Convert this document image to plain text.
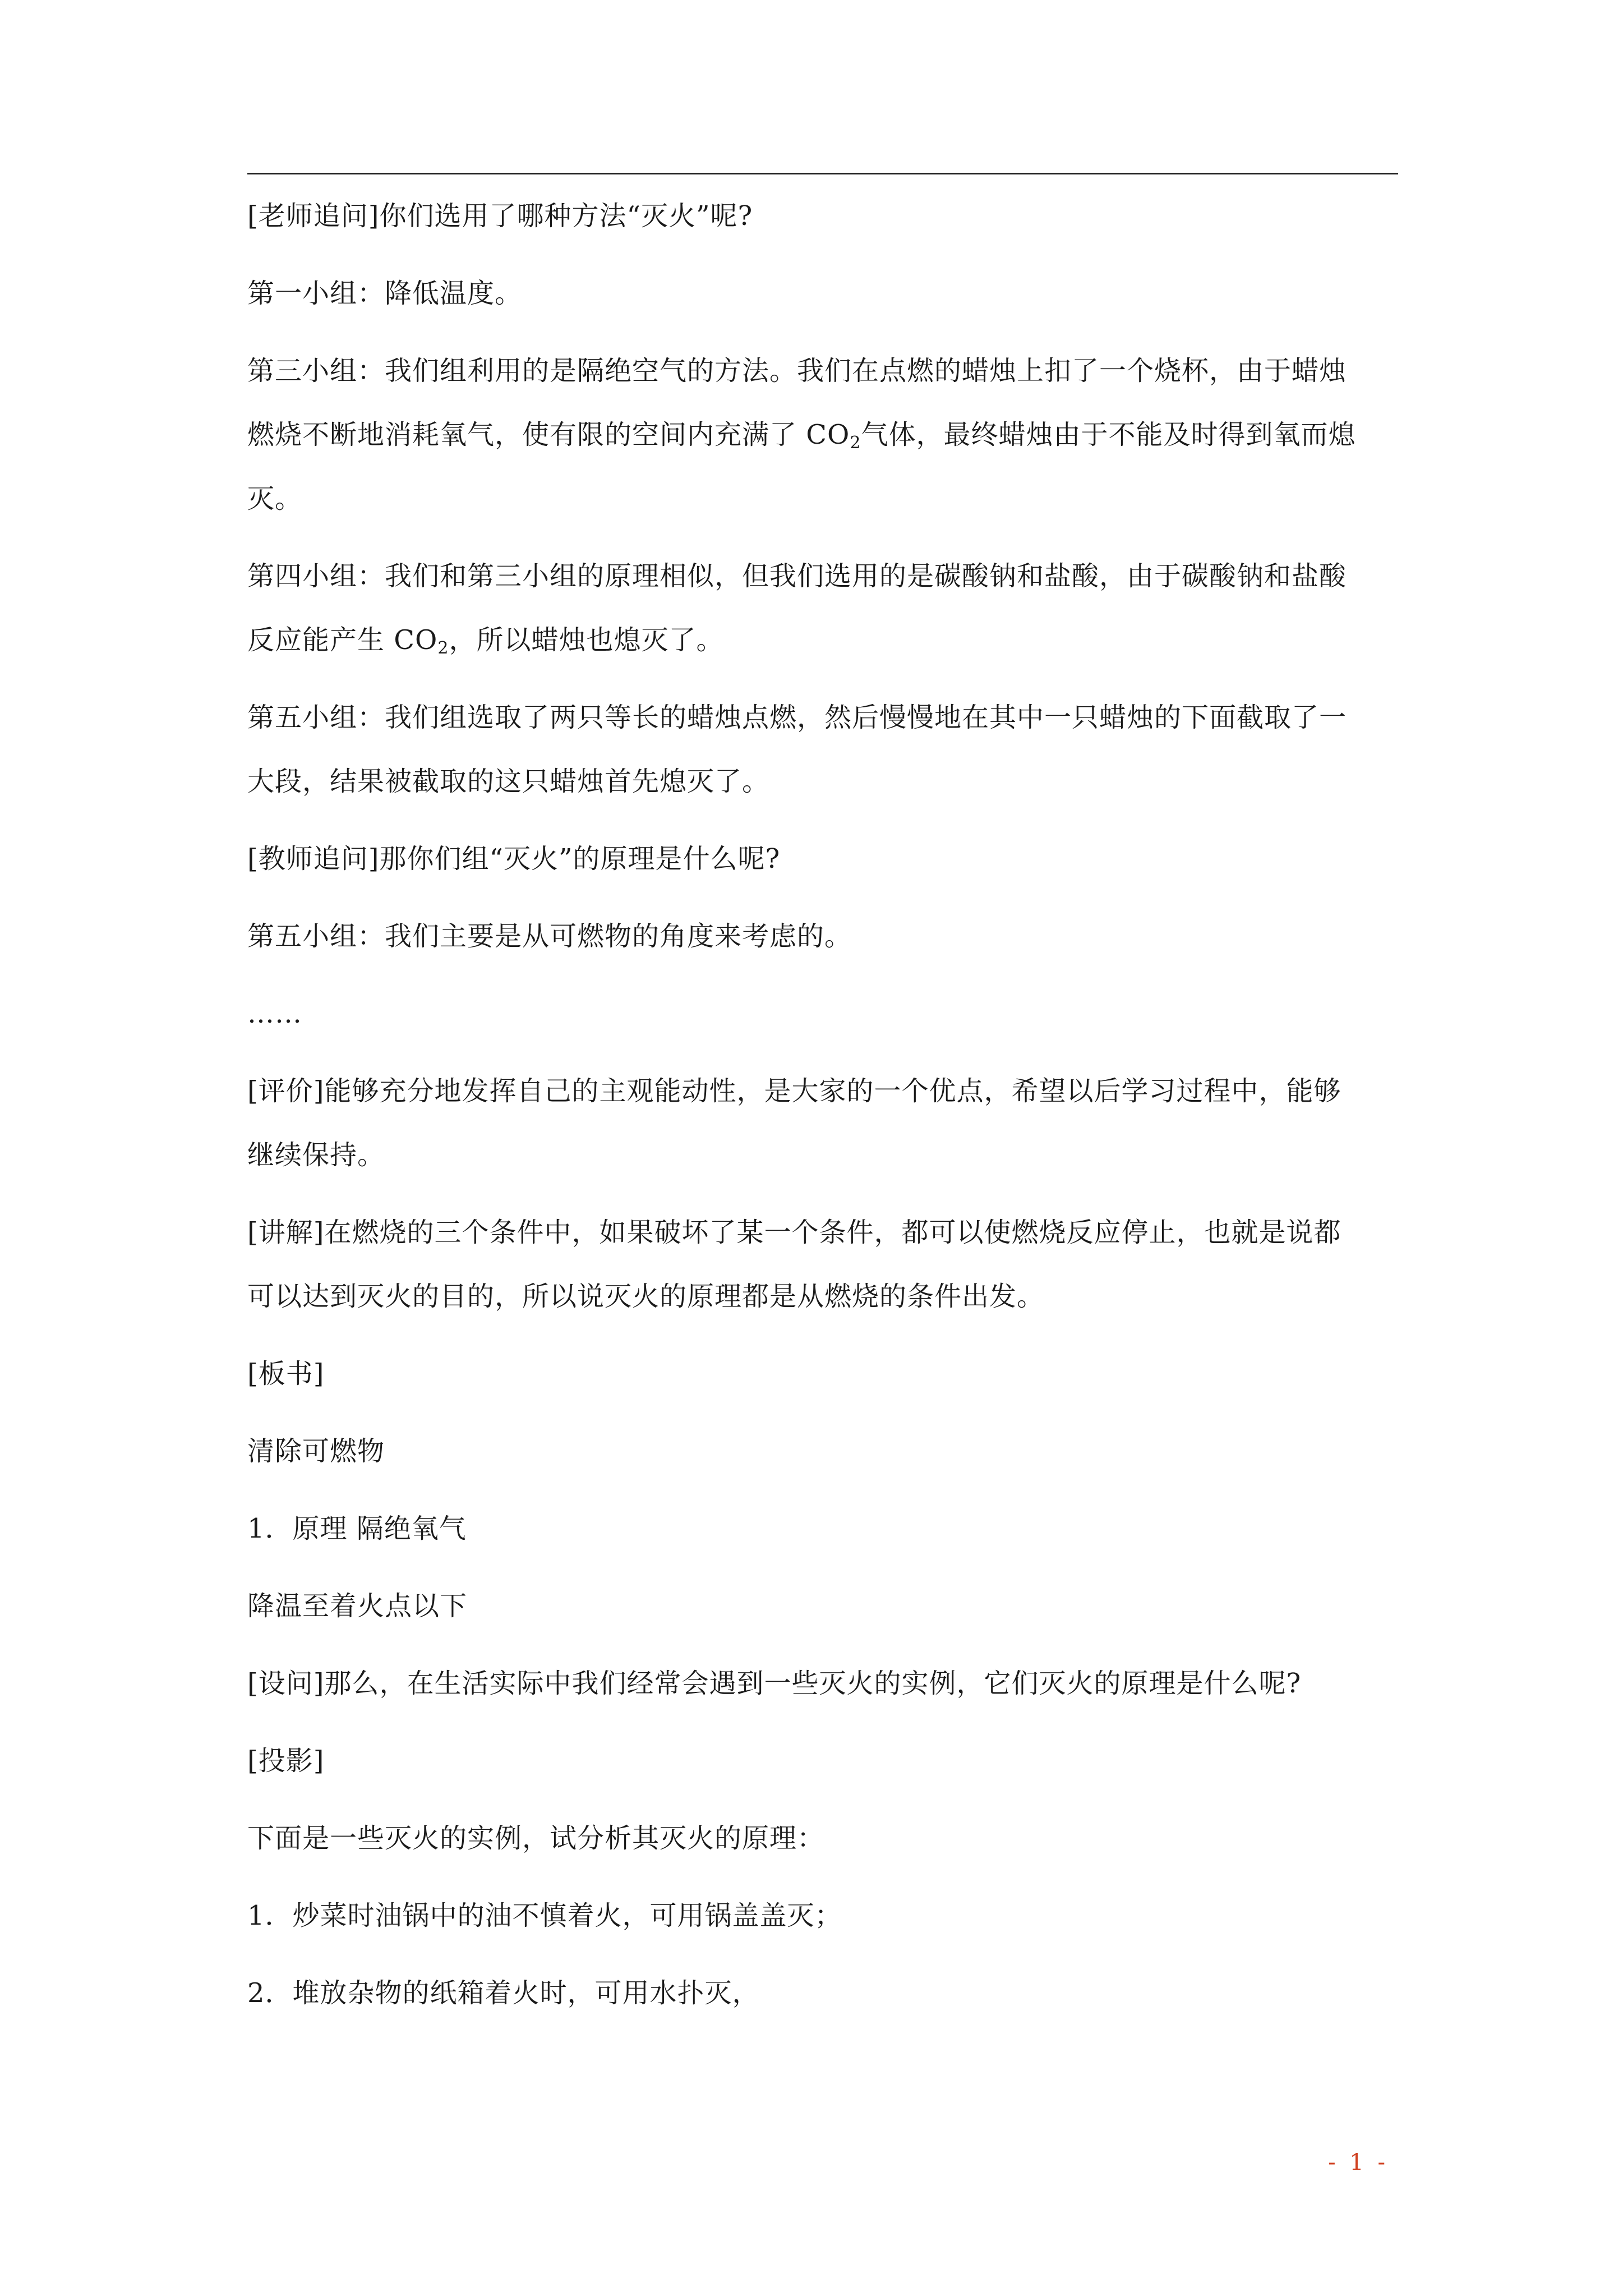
[老师追问]你们选用了哪种方法“灭火”呢?
第一小组：降低温度。
第三小组：我们组利用的是隔绝空气的方法。我们在点燃的蜡烛上扣了一个烧杯，由于蜡烛
燃烧不断地消耗氧气，使有限的空间内充满了 $CO_2$气体，最终蜡烛由于不能及时得到氧而熄
灭。
第四小组：我们和第三小组的原理相似，但我们选用的是碳酸钠和盐酸，由于碳酸钠和盐酸
反应能产生 $CO_2$，所以蜡烛也熄灭了。
第五小组：我们组选取了两只等长的蜡烛点燃，然后慢慢地在其中一只蜡烛的下面截取了一
大段，结果被截取的这只蜡烛首先熄灭了。
[教师追问]那你们组“灭火”的原理是什么呢?
第五小组：我们主要是从可燃物的角度来考虑的。
……
[评价]能够充分地发挥自己的主观能动性，是大家的一个优点，希望以后学习过程中，能够
继续保持。
[讲解]在燃烧的三个条件中，如果破坏了某一个条件，都可以使燃烧反应停止，也就是说都
可以达到灭火的目的，所以说灭火的原理都是从燃烧的条件出发。
[板书]
清除可燃物
1．原理 隔绝氧气
降温至着火点以下
[设问]那么，在生活实际中我们经常会遇到一些灭火的实例，它们灭火的原理是什么呢?
[投影]
下面是一些灭火的实例，试分析其灭火的原理：
1．炒菜时油锅中的油不慎着火，可用锅盖盖灭；
2．堆放杂物的纸箱着火时，可用水扑灭，
- 1 -
